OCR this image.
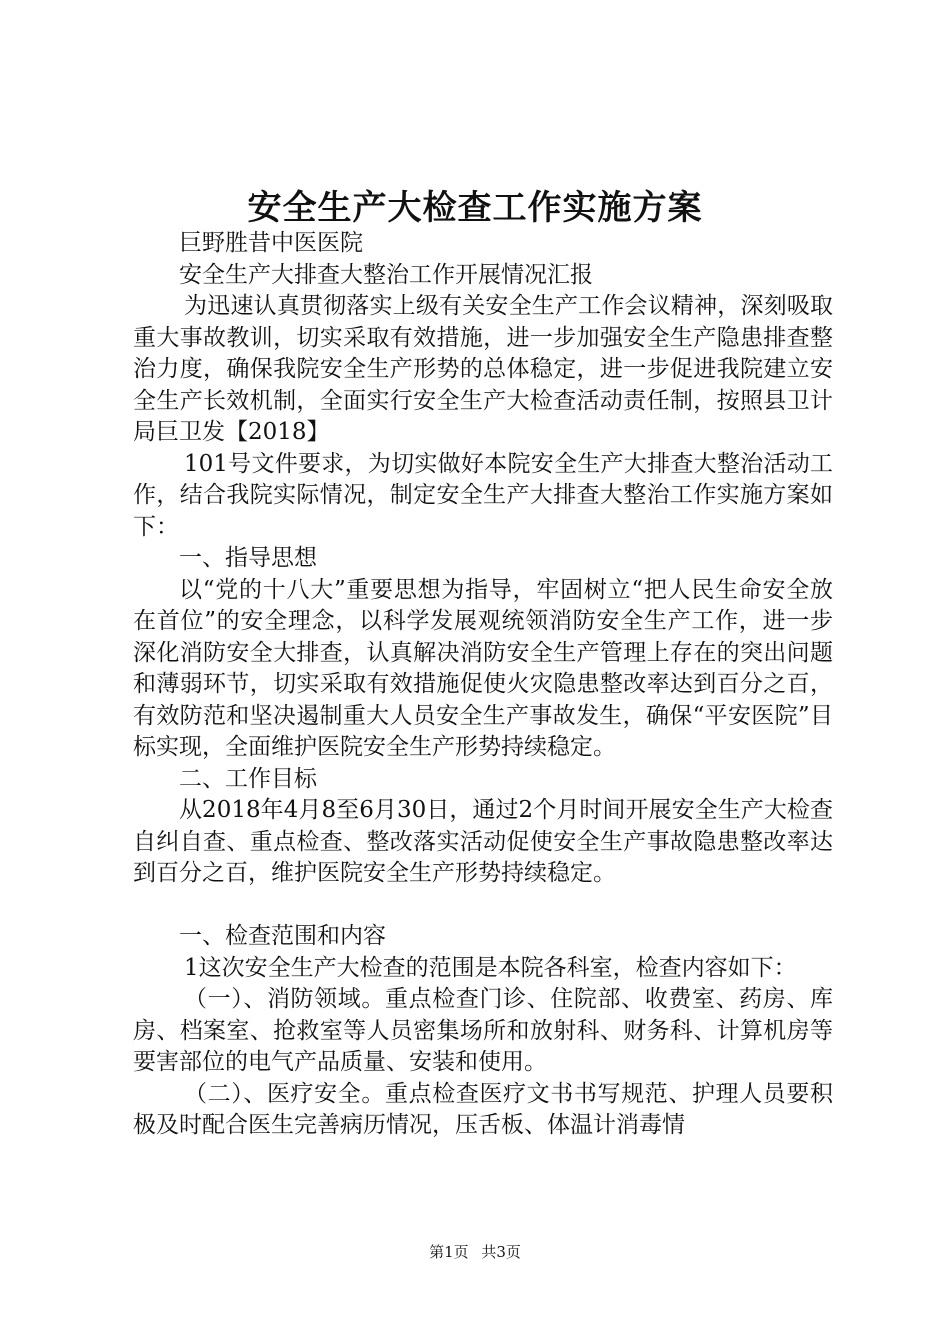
安全生产大检查工作实施方案

巨野胜昔中医医院

安全生产大排查大整治工作开展情况汇报

为迅速认真贯彻落实上级有关安全生产工作会议精神，深刻吸取重大事故教训，切实采取有效措施，进一步加强安全生产隐患排查整治力度，确保我院安全生产形势的总体稳定，进一步促进我院建立安全生产长效机制，全面实行安全生产大检查活动责任制，按照县卫计局巨卫发【2018】

101号文件要求，为切实做好本院安全生产大排查大整治活动工作，结合我院实际情况，制定安全生产大排查大整治工作实施方案如下：

一、指导思想

以“党的十八大”重要思想为指导，牢固树立“把人民生命安全放在首位”的安全理念，以科学发展观统领消防安全生产工作，进一步深化消防安全大排查，认真解决消防安全生产管理上存在的突出问题和薄弱环节，切实采取有效措施促使火灾隐患整改率达到百分之百，有效防范和坚决遏制重大人员安全生产事故发生，确保“平安医院”目标实现，全面维护医院安全生产形势持续稳定。

二、工作目标

从2018年4月8至6月30日，通过2个月时间开展安全生产大检查自纠自查、重点检查、整改落实活动促使安全生产事故隐患整改率达到百分之百，维护医院安全生产形势持续稳定。

一、检查范围和内容

1这次安全生产大检查的范围是本院各科室，检查内容如下：

（一）、消防领域。重点检查门诊、住院部、收费室、药房、库房、档案室、抢救室等人员密集场所和放射科、财务科、计算机房等要害部位的电气产品质量、安装和使用。

（二）、医疗安全。重点检查医疗文书书写规范、护理人员要积极及时配合医生完善病历情况，压舌板、体温计消毒情

第1页 共3页
